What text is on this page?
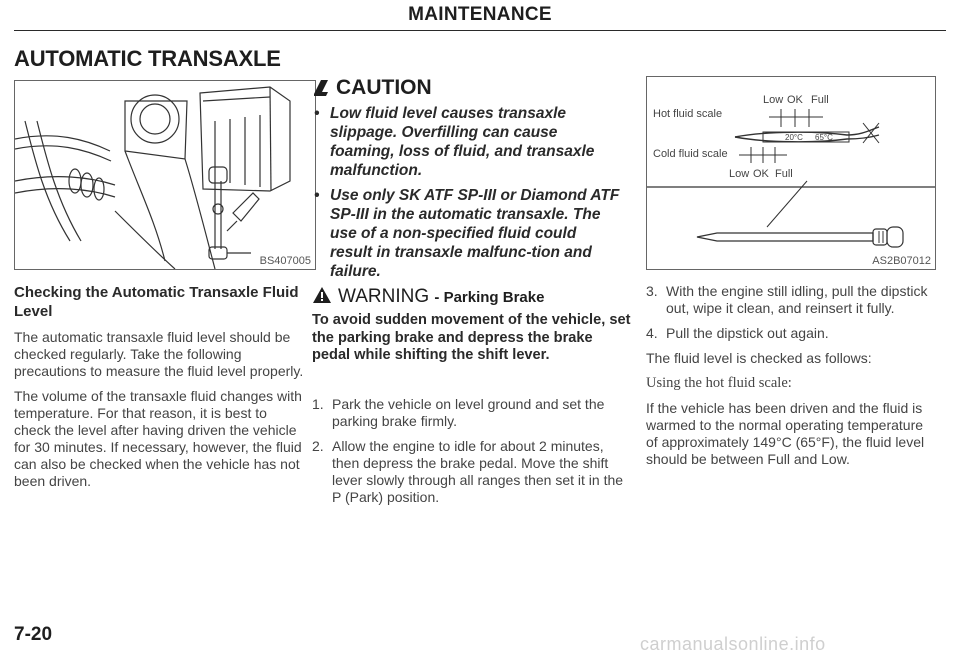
MAINTENANCE
AUTOMATIC TRANSAXLE
BS407005
Checking the Automatic Transaxle Fluid Level

The automatic transaxle fluid level should be checked regularly. Take the following precautions to measure the fluid level properly.

The volume of the transaxle fluid changes with temperature. For that reason, it is best to check the level after having driven the vehicle for 30 minutes. If necessary, however, the fluid can also be checked when the vehicle has not been driven.

CAUTION
• Low fluid level causes transaxle slippage. Overfilling can cause foaming, loss of fluid, and transaxle malfunction.
• Use only SK ATF SP-III or Diamond ATF SP-III in the automatic transaxle. The use of a non-specified fluid could result in transaxle malfunc-tion and failure.
WARNING - Parking Brake
To avoid sudden movement of the vehicle, set the parking brake and depress the brake pedal while shifting the shift lever.
1. Park the vehicle on level ground and set the parking brake firmly.
2. Allow the engine to idle for about 2 minutes, then depress the brake pedal. Move the shift lever slowly through all ranges then set it in the P (Park) position.
Hot fluid scale
Cold fluid scale
Low OK Full
20°C 65°C
Low OK Full
AS2B07012
3. With the engine still idling, pull the dipstick out, wipe it clean, and reinsert it fully.
4. Pull the dipstick out again.

The fluid level is checked as follows:

Using the hot fluid scale:

If the vehicle has been driven and the fluid is warmed to the normal operating temperature of approximately 149°C (65°F), the fluid level should be between Full and Low.

7-20	carmanualsonline.info
